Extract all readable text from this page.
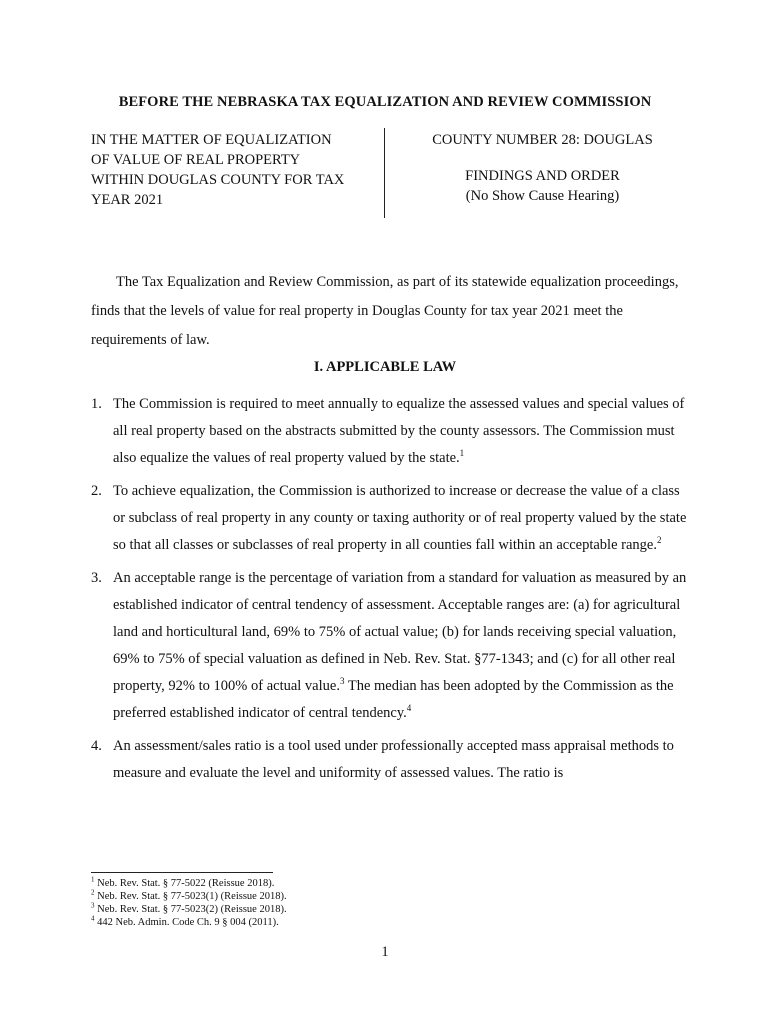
BEFORE THE NEBRASKA TAX EQUALIZATION AND REVIEW COMMISSION
IN THE MATTER OF EQUALIZATION
OF VALUE OF REAL PROPERTY
WITHIN DOUGLAS COUNTY FOR TAX
YEAR 2021
COUNTY NUMBER 28: DOUGLAS
FINDINGS AND ORDER
(No Show Cause Hearing)
The Tax Equalization and Review Commission, as part of its statewide equalization proceedings, finds that the levels of value for real property in Douglas County for tax year 2021 meet the requirements of law.
I. APPLICABLE LAW
1. The Commission is required to meet annually to equalize the assessed values and special values of all real property based on the abstracts submitted by the county assessors. The Commission must also equalize the values of real property valued by the state.$^1$
2. To achieve equalization, the Commission is authorized to increase or decrease the value of a class or subclass of real property in any county or taxing authority or of real property valued by the state so that all classes or subclasses of real property in all counties fall within an acceptable range.$^2$
3. An acceptable range is the percentage of variation from a standard for valuation as measured by an established indicator of central tendency of assessment. Acceptable ranges are: (a) for agricultural land and horticultural land, 69% to 75% of actual value; (b) for lands receiving special valuation, 69% to 75% of special valuation as defined in Neb. Rev. Stat. §77-1343; and (c) for all other real property, 92% to 100% of actual value.$^3$ The median has been adopted by the Commission as the preferred established indicator of central tendency.$^4$
4. An assessment/sales ratio is a tool used under professionally accepted mass appraisal methods to measure and evaluate the level and uniformity of assessed values. The ratio is
$^1$ Neb. Rev. Stat. § 77-5022 (Reissue 2018).
$^2$ Neb. Rev. Stat. § 77-5023(1) (Reissue 2018).
$^3$ Neb. Rev. Stat. § 77-5023(2) (Reissue 2018).
$^4$ 442 Neb. Admin. Code Ch. 9 § 004 (2011).
1
